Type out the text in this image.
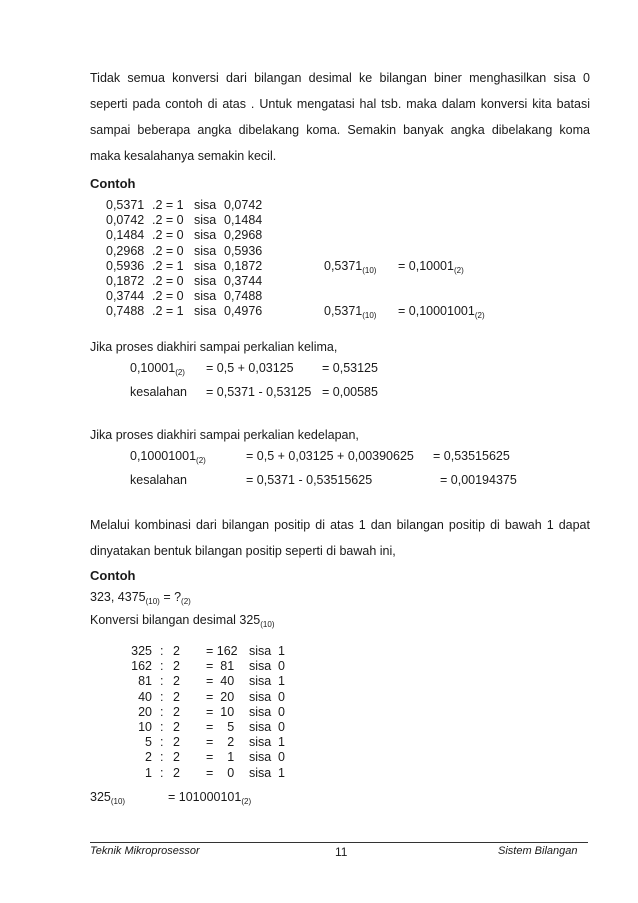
Tidak semua konversi dari bilangan desimal ke bilangan biner menghasilkan sisa 0
seperti pada contoh di atas . Untuk mengatasi hal tsb. maka dalam konversi kita batasi
sampai beberapa angka dibelakang koma. Semakin banyak angka dibelakang koma
maka kesalahanya semakin kecil.
Contoh
0,5371 .2 = 1 sisa 0,0742
0,0742 .2 = 0 sisa 0,1484
0,1484 .2 = 0 sisa 0,2968
0,2968 .2 = 0 sisa 0,5936
0,5936 .2 = 1 sisa 0,1872	$0,5371_{(10)} = 0,10001_{(2)}$
0,1872 .2 = 0 sisa 0,3744
0,3744 .2 = 0 sisa 0,7488
0,7488 .2 = 1 sisa 0,4976	$0,5371_{(10)} = 0,10001001_{(2)}$
Jika proses diakhiri sampai perkalian kelima,
$0,10001_{(2)} = 0,5 + 0,03125 = 0,53125$
kesalahan = 0,5371 - 0,53125 = 0,00585
Jika proses diakhiri sampai perkalian kedelapan,
$0,10001001_{(2)}$	= 0,5 + 0,03125 + 0,00390625 = 0,53515625
kesalahan	= 0,5371 - 0,53515625	= 0,00194375
Melalui kombinasi dari bilangan positip di atas 1 dan bilangan positip di bawah 1 dapat
dinyatakan bentuk bilangan positip seperti di bawah ini,
Contoh
323, $4375_{(10)}$ = $?_{(2)}$
Konversi bilangan desimal $325_{(10)}$
325 : 2 = 162 sisa 1
162 : 2 =  81 sisa 0
81 : 2 =  40 sisa 1
40 : 2 =  20 sisa 0
20 : 2 =  10 sisa 0
10 : 2 =    5 sisa 0
5 : 2 =    2 sisa 1
2 : 2 =    1 sisa 0
1 : 2 =    0 sisa 1
$325_{(10)}$	= $101000101_{(2)}$
Teknik Mikroprosessor	11	Sistem Bilangan
